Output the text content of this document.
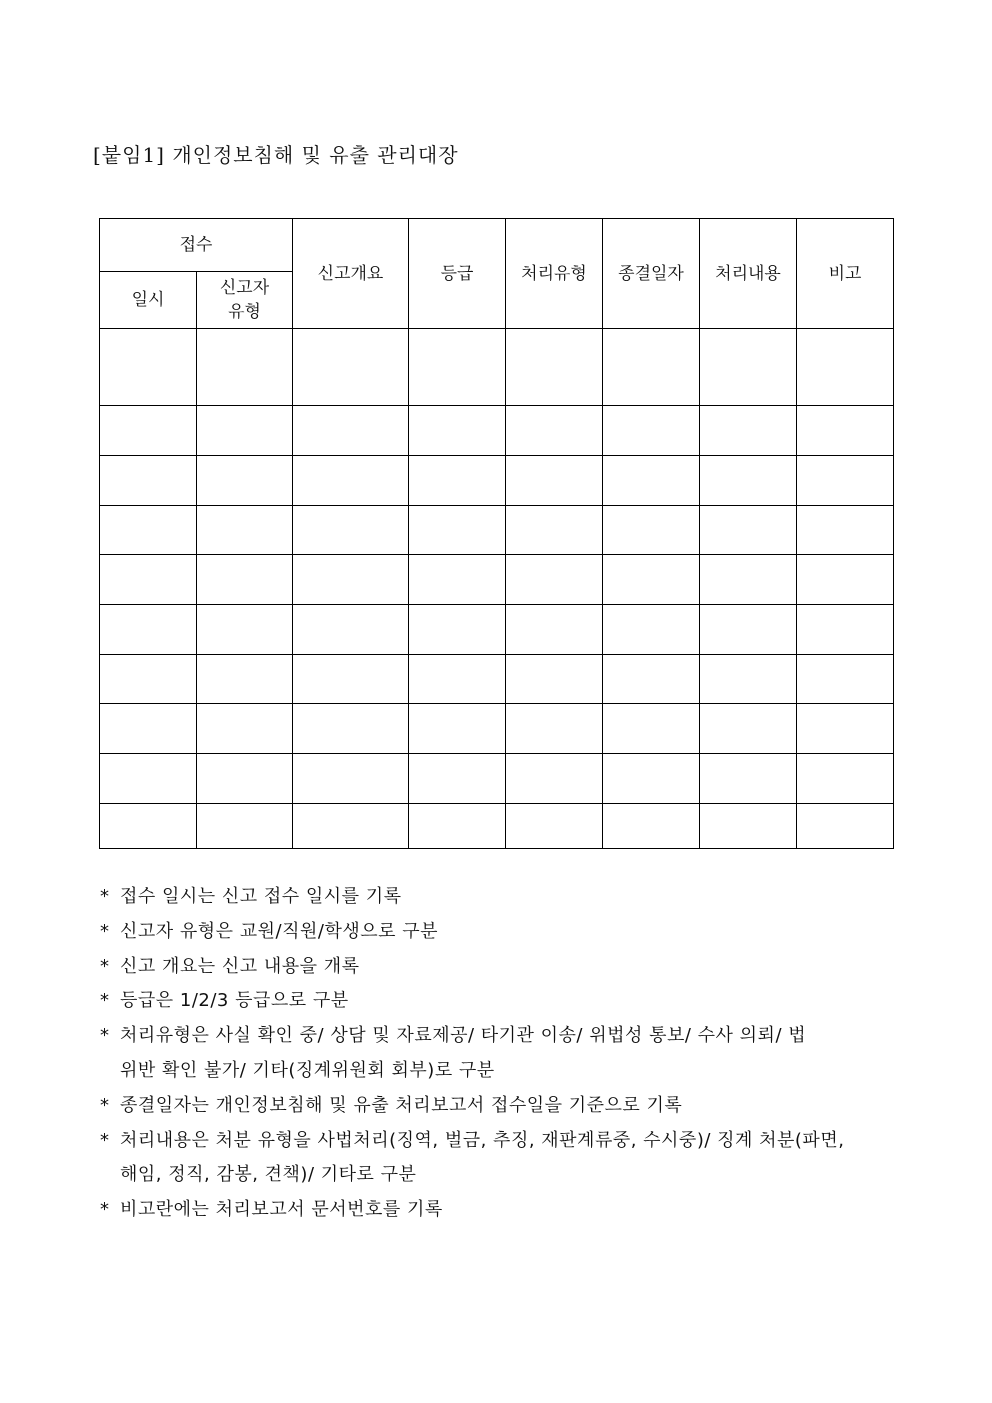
[붙임1] 개인정보침해 및 유출 관리대장
접수		신고개요	등급	처리유형	종결일자	처리내용	비고
일시	신고자
유형						

* 접수 일시는 신고 접수 일시를 기록
* 신고자 유형은 교원/직원/학생으로 구분
* 신고 개요는 신고 내용을 개록
* 등급은 1/2/3 등급으로 구분
* 처리유형은 사실 확인 중/ 상담 및 자료제공/ 타기관 이송/ 위법성 통보/ 수사 의뢰/ 법
위반 확인 불가/ 기타(징계위원회 회부)로 구분
* 종결일자는 개인정보침해 및 유출 처리보고서 접수일을 기준으로 기록
* 처리내용은 처분 유형을 사법처리(징역, 벌금, 추징, 재판계류중, 수시중)/ 징계 처분(파면,
해임, 정직, 감봉, 견책)/ 기타로 구분
* 비고란에는 처리보고서 문서번호를 기록
